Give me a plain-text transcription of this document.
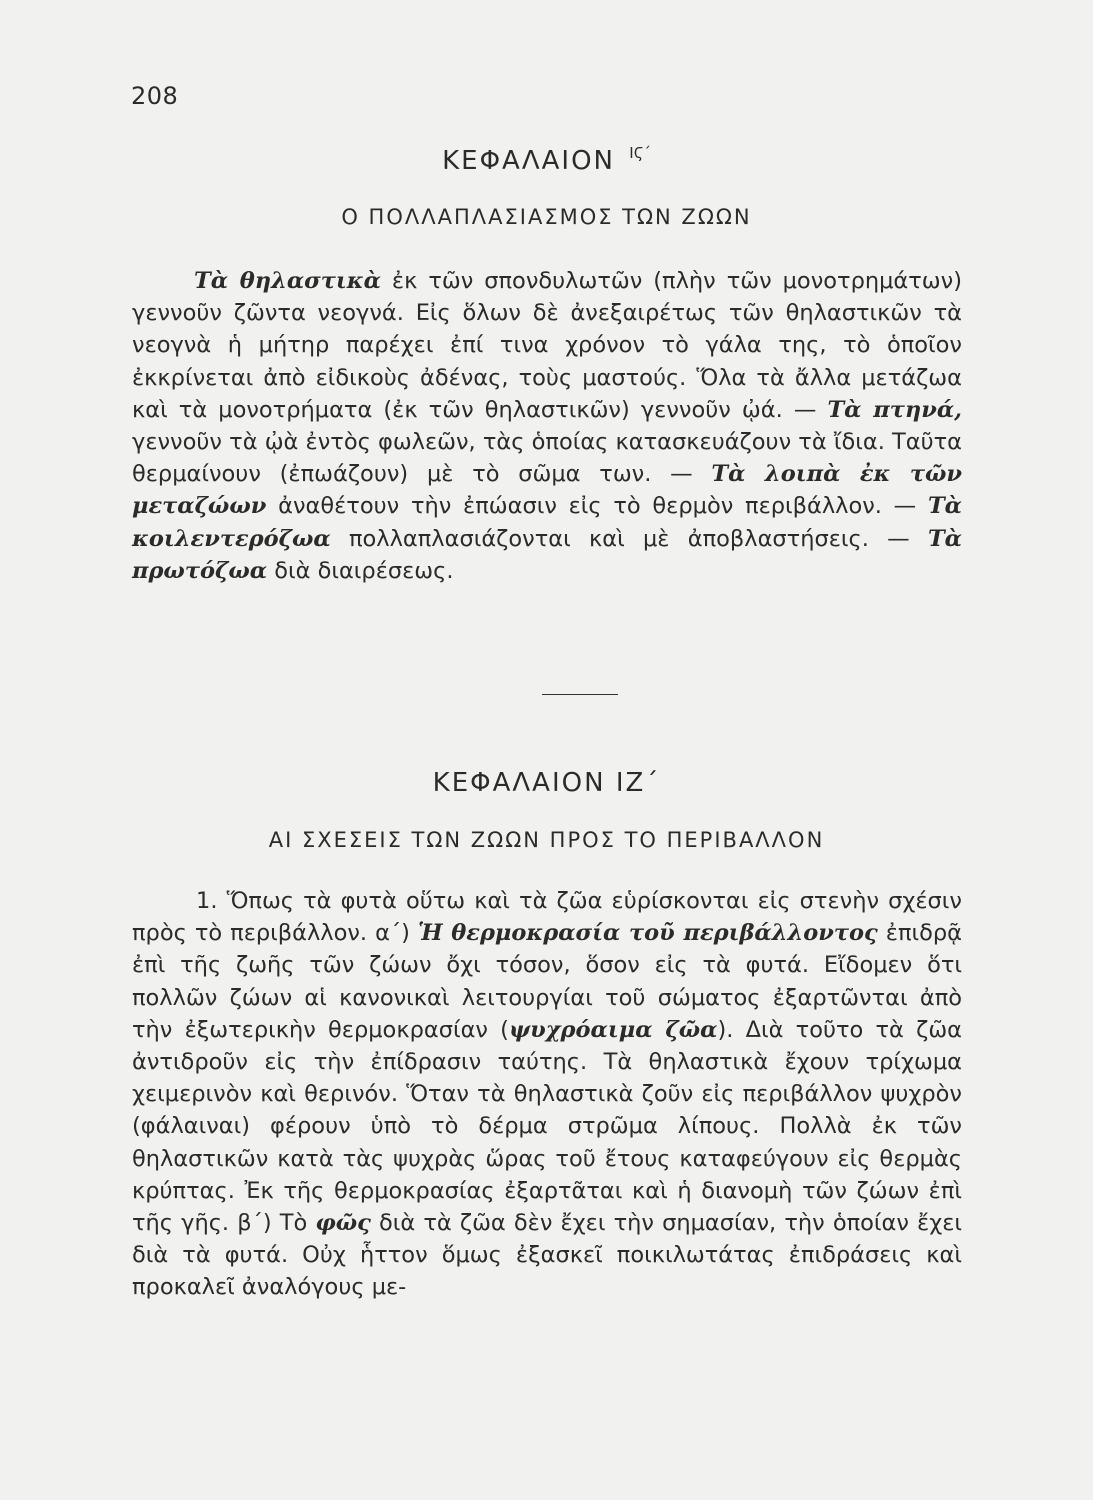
208
ΚΕΦΑΛΑΙΟΝ $^{IϚ΄}$
Ο ΠΟΛΛΑΠΛΑΣΙΑΣΜΟΣ ΤΩΝ ΖΩΩΝ

Τὰ θηλαστικὰ ἐκ τῶν σπονδυλωτῶν (πλὴν τῶν μονοτρημάτων) γεννοῦν ζῶντα νεογνά. Εἰς ὅλων δὲ ἀνεξαιρέτως τῶν θηλαστικῶν τὰ νεογνὰ ἡ μήτηρ παρέχει ἐπί τινα χρόνον τὸ γάλα της, τὸ ὁποῖον ἐκκρίνεται ἀπὸ εἰδικοὺς ἀδένας, τοὺς μαστούς. Ὅλα τὰ ἄλλα μετάζωα καὶ τὰ μονοτρήματα (ἐκ τῶν θηλαστικῶν) γεννοῦν ᾠά. — Τὰ πτηνά, γεννοῦν τὰ ᾠὰ ἐντὸς φωλεῶν, τὰς ὁποίας κατασκευάζουν τὰ ἴδια. Ταῦτα θερμαίνουν (ἐπωάζουν) μὲ τὸ σῶμα των. — Τὰ λοιπὰ ἐκ τῶν μεταζώων ἀναθέτουν τὴν ἐπώασιν εἰς τὸ θερμὸν περιβάλλον. — Τὰ κοιλεντερόζωα πολλαπλασιάζονται καὶ μὲ ἀποβλαστήσεις. — Τὰ πρωτόζωα διὰ διαιρέσεως.

ΚΕΦΑΛΑΙΟΝ ΙΖ΄
ΑΙ ΣΧΕΣΕΙΣ ΤΩΝ ΖΩΩΝ ΠΡΟΣ ΤΟ ΠΕΡΙΒΑΛΛΟΝ

1. Ὅπως τὰ φυτὰ οὕτω καὶ τὰ ζῶα εὑρίσκονται εἰς στενὴν σχέσιν πρὸς τὸ περιβάλλον. α΄) Ἡ θερμοκρασία τοῦ περιβάλλοντος ἐπιδρᾷ ἐπὶ τῆς ζωῆς τῶν ζώων ὄχι τόσον, ὅσον εἰς τὰ φυτά. Εἴδομεν ὅτι πολλῶν ζώων αἱ κανονικαὶ λειτουργίαι τοῦ σώματος ἐξαρτῶνται ἀπὸ τὴν ἐξωτερικὴν θερμοκρασίαν (ψυχρόαιμα ζῶα). Διὰ τοῦτο τὰ ζῶα ἀντιδροῦν εἰς τὴν ἐπίδρασιν ταύτης. Τὰ θηλαστικὰ ἔχουν τρίχωμα χειμερινὸν καὶ θερινόν. Ὅταν τὰ θηλαστικὰ ζοῦν εἰς περιβάλλον ψυχρὸν (φάλαιναι) φέρουν ὑπὸ τὸ δέρμα στρῶμα λίπους. Πολλὰ ἐκ τῶν θηλαστικῶν κατὰ τὰς ψυχρὰς ὥρας τοῦ ἔτους καταφεύγουν εἰς θερμὰς κρύπτας. Ἐκ τῆς θερμοκρασίας ἐξαρτᾶται καὶ ἡ διανομὴ τῶν ζώων ἐπὶ τῆς γῆς. β΄) Τὸ φῶς διὰ τὰ ζῶα δὲν ἔχει τὴν σημασίαν, τὴν ὁποίαν ἔχει διὰ τὰ φυτά. Οὐχ ἧττον ὅμως ἐξασκεῖ ποικιλωτάτας ἐπιδράσεις καὶ προκαλεῖ ἀναλόγους με-
